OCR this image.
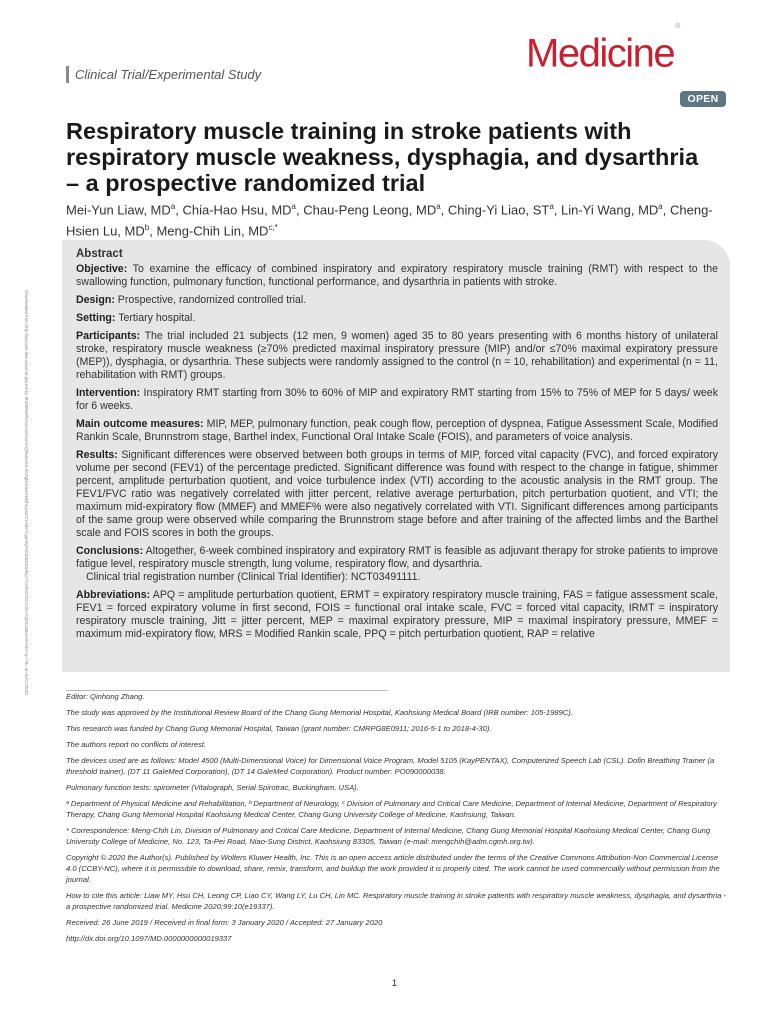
Downloaded from http://journals.lww.com/md-journal by BhDMf5ePHKav1zEoum1tQfN4a+kJLhEZgbsIHo4XMi0hCywCX1AWnYQp/IlQrHD3i3D0OdRyi7TvSFl4Cf3VC4/OAVpDDa8KKGKV0Ymy+78= on 02/17/2022
Clinical Trial/Experimental Study	Medicine®
OPEN
Respiratory muscle training in stroke patients with respiratory muscle weakness, dysphagia, and dysarthria – a prospective randomized trial
Mei-Yun Liaw, $MD^a$, Chia-Hao Hsu, $MD^a$, Chau-Peng Leong, $MD^a$, Ching-Yi Liao, $ST^a$, Lin-Yi Wang, $MD^a$, Cheng-Hsien Lu, $MD^b$, Meng-Chih Lin, $MD^{c,*}$
Abstract
Objective: To examine the efficacy of combined inspiratory and expiratory respiratory muscle training (RMT) with respect to the swallowing function, pulmonary function, functional performance, and dysarthria in patients with stroke.
Design: Prospective, randomized controlled trial.
Setting: Tertiary hospital.
Participants: The trial included 21 subjects (12 men, 9 women) aged 35 to 80 years presenting with 6 months history of unilateral stroke, respiratory muscle weakness (≥70% predicted maximal inspiratory pressure (MIP) and/or ≤70% maximal expiratory pressure (MEP)), dysphagia, or dysarthria. These subjects were randomly assigned to the control (n = 10, rehabilitation) and experimental (n = 11, rehabilitation with RMT) groups.
Intervention: Inspiratory RMT starting from 30% to 60% of MIP and expiratory RMT starting from 15% to 75% of MEP for 5 days/ week for 6 weeks.
Main outcome measures: MIP, MEP, pulmonary function, peak cough flow, perception of dyspnea, Fatigue Assessment Scale, Modified Rankin Scale, Brunnstrom stage, Barthel index, Functional Oral Intake Scale (FOIS), and parameters of voice analysis.
Results: Significant differences were observed between both groups in terms of MIP, forced vital capacity (FVC), and forced expiratory volume per second (FEV1) of the percentage predicted. Significant difference was found with respect to the change in fatigue, shimmer percent, amplitude perturbation quotient, and voice turbulence index (VTI) according to the acoustic analysis in the RMT group. The FEV1/FVC ratio was negatively correlated with jitter percent, relative average perturbation, pitch perturbation quotient, and VTI; the maximum mid-expiratory flow (MMEF) and MMEF% were also negatively correlated with VTI. Significant differences among participants of the same group were observed while comparing the Brunnstrom stage before and after training of the affected limbs and the Barthel scale and FOIS scores in both the groups.
Conclusions: Altogether, 6-week combined inspiratory and expiratory RMT is feasible as adjuvant therapy for stroke patients to improve fatigue level, respiratory muscle strength, lung volume, respiratory flow, and dysarthria.
Clinical trial registration number (Clinical Trial Identifier): NCT03491111.
Abbreviations: APQ = amplitude perturbation quotient, ERMT = expiratory respiratory muscle training, FAS = fatigue assessment scale, FEV1 = forced expiratory volume in first second, FOIS = functional oral intake scale, FVC = forced vital capacity, IRMT = inspiratory respiratory muscle training, Jitt = jitter percent, MEP = maximal expiratory pressure, MIP = maximal inspiratory pressure, MMEF = maximum mid-expiratory flow, MRS = Modified Rankin scale, PPQ = pitch perturbation quotient, RAP = relative
Editor: Qinhong Zhang.
The study was approved by the Institutional Review Board of the Chang Gung Memorial Hospital, Kaohsiung Medical Board (IRB number: 105-1989C).
This research was funded by Chang Gung Memorial Hospital, Taiwan (grant number: CMRPG8E0911; 2016-5-1 to 2018-4-30).
The authors report no conflicts of interest.
The devices used are as follows: Model 4500 (Multi-Dimensional Voice) for Dimensional Voice Program, Model 5105 (KayPENTAX), Computerized Speech Lab (CSL). Dofin Breathing Trainer (a threshold trainer), (DT 11 GaleMed Corporation), (DT 14 GaleMed Corporation). Product number: PO090000038.
Pulmonary function tests: spirometer (Vitalograph, Serial Spirotrac, Buckingham, USA).
ᵃ Department of Physical Medicine and Rehabilitation, ᵇ Department of Neurology, ᶜ Division of Pulmonary and Critical Care Medicine, Department of Internal Medicine, Department of Respiratory Therapy, Chang Gung Memorial Hospital Kaohsiung Medical Center, Chang Gung University College of Medicine, Kaohsiung, Taiwan.
* Correspondence: Meng-Chih Lin, Division of Pulmonary and Critical Care Medicine, Department of Internal Medicine, Chang Gung Memorial Hospital Kaohsiung Medical Center, Chang Gung University College of Medicine, No. 123, Ta-Pei Road, Niao-Sung District, Kaohsiung 83305, Taiwan (e-mail: mengchih@adm.cgmh.org.tw).
Copyright © 2020 the Author(s). Published by Wolters Kluwer Health, Inc. This is an open access article distributed under the terms of the Creative Commons Attribution-Non Commercial License 4.0 (CCBY-NC), where it is permissible to download, share, remix, transform, and buildup the work provided it is properly cited. The work cannot be used commercially without permission from the journal.
How to cite this article: Liaw MY, Hsu CH, Leong CP, Liao CY, Wang LY, Lu CH, Lin MC. Respiratory muscle training in stroke patients with respiratory muscle weakness, dysphagia, and dysarthria - a prospective randomized trial. Medicine 2020;99:10(e19337).
Received: 26 June 2019 / Received in final form: 3 January 2020 / Accepted: 27 January 2020
http://dx.doi.org/10.1097/MD.0000000000019337
1
